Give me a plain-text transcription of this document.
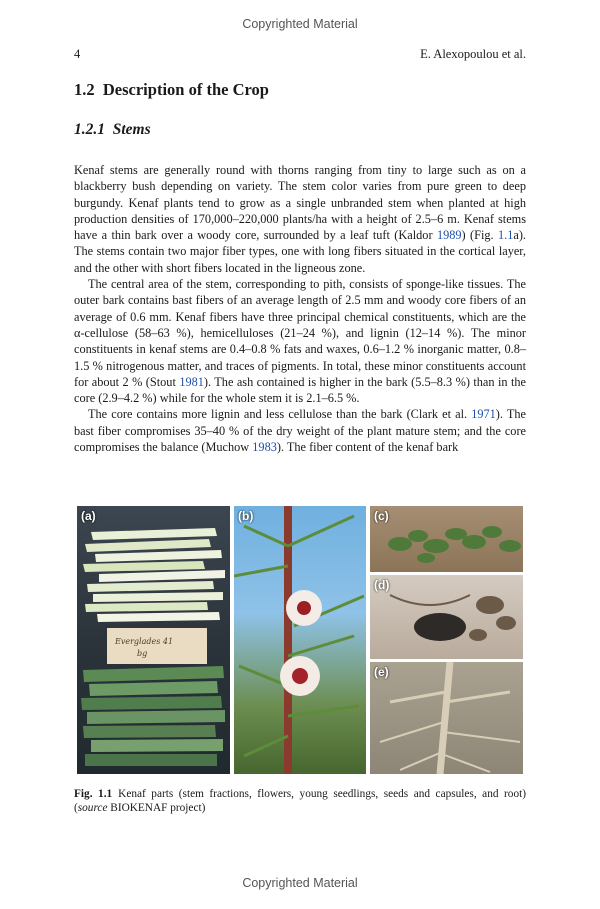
Copyrighted Material
4	E. Alexopoulou et al.
1.2 Description of the Crop
1.2.1 Stems

Kenaf stems are generally round with thorns ranging from tiny to large such as on a blackberry bush depending on variety. The stem color varies from pure green to deep burgundy. Kenaf plants tend to grow as a single unbranded stem when planted at high production densities of 170,000–220,000 plants/ha with a height of 2.5–6 m. Kenaf stems have a thin bark over a woody core, surrounded by a leaf tuft (Kaldor 1989) (Fig. 1.1a). The stems contain two major fiber types, one with long fibers situated in the cortical layer, and the other with short fibers located in the ligneous zone.

The central area of the stem, corresponding to pith, consists of sponge-like tissues. The outer bark contains bast fibers of an average length of 2.5 mm and woody core fibers of an average of 0.6 mm. Kenaf fibers have three principal chemical constituents, which are the α-cellulose (58–63 %), hemicelluloses (21–24 %), and lignin (12–14 %). The minor constituents in kenaf stems are 0.4–0.8 % fats and waxes, 0.6–1.2 % inorganic matter, 0.8–1.5 % nitrogenous matter, and traces of pigments. In total, these minor constituents account for about 2 % (Stout 1981). The ash contained is higher in the bark (5.5–8.3 %) than in the core (2.9–4.2 %) while for the whole stem it is 2.1–6.5 %.

The core contains more lignin and less cellulose than the bark (Clark et al. 1971). The bast fiber compromises 35–40 % of the dry weight of the plant mature stem; and the core compromises the balance (Muchow 1983). The fiber content of the kenaf bark

Everglades 41
bg
(a)	(b)	(c)
(d)
(e)
Fig. 1.1 Kenaf parts (stem fractions, flowers, young seedlings, seeds and capsules, and root) (source BIOKENAF project)
Copyrighted Material
